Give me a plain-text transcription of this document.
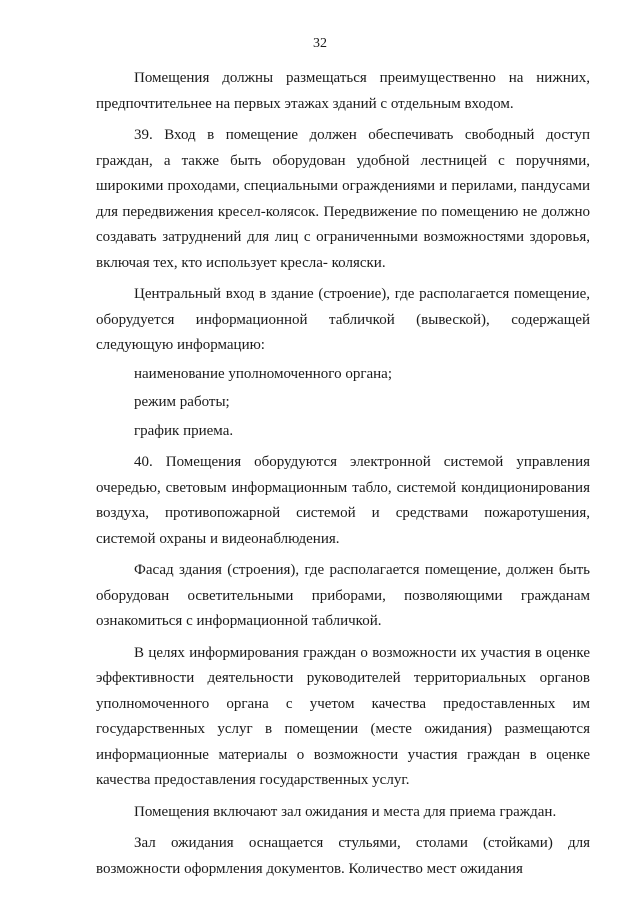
32

Помещения должны размещаться преимущественно на нижних, предпочтительнее на первых этажах зданий с отдельным входом.

39. Вход в помещение должен обеспечивать свободный доступ граждан, а также быть оборудован удобной лестницей с поручнями, широкими проходами, специальными ограждениями и перилами, пандусами для передвижения кресел-колясок. Передвижение по помещению не должно создавать затруднений для лиц с ограниченными возможностями здоровья, включая тех, кто использует кресла- коляски.

Центральный вход в здание (строение), где располагается помещение, оборудуется информационной табличкой (вывеской), содержащей следующую информацию:

наименование уполномоченного органа;

режим работы;

график приема.

40. Помещения оборудуются электронной системой управления очередью, световым информационным табло, системой кондиционирования воздуха, противопожарной системой и средствами пожаротушения, системой охраны и видеонаблюдения.

Фасад здания (строения), где располагается помещение, должен быть оборудован осветительными приборами, позволяющими гражданам ознакомиться с информационной табличкой.

В целях информирования граждан о возможности их участия в оценке эффективности деятельности руководителей территориальных органов уполномоченного органа с учетом качества предоставленных им государственных услуг в помещении (месте ожидания) размещаются информационные материалы о возможности участия граждан в оценке качества предоставления государственных услуг.

Помещения включают зал ожидания и места для приема граждан.

Зал ожидания оснащается стульями, столами (стойками) для возможности оформления документов. Количество мест ожидания
